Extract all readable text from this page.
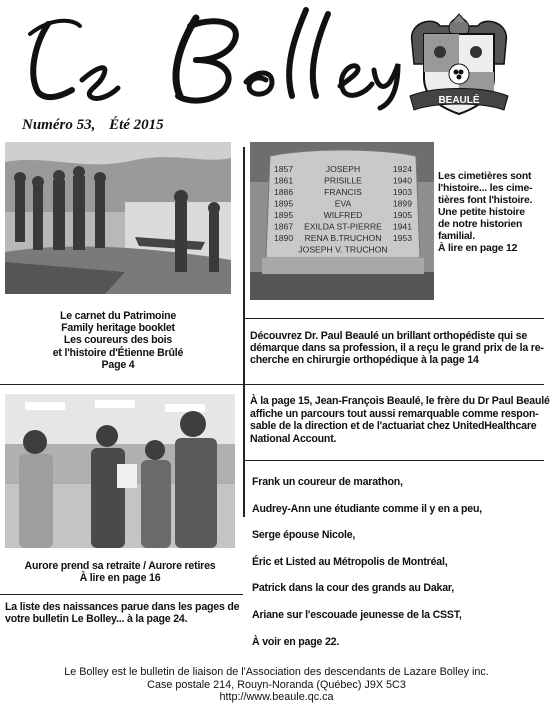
Numéro 53, Été 2015
BEAULÉ
Le carnet du Patrimoine
Family heritage booklet
Les coureurs des bois
et l'histoire d'Étienne Brûlé
Page 4
1857	JOSEPH	1924
1861	PRISILLE	1940
1886	FRANCIS	1903
1895	EVA	1899
1895	WILFRED	1905
1867 EXILDA ST-PIERRE 1941
1890 RENA B.TRUCHON 1953
JOSEPH V. TRUCHON
Les cimetières sont
l'histoire... les cime-
tières font l'histoire.
Une petite histoire
de notre historien
familial.
À lire en page 12
Découvrez Dr. Paul Beaulé un brillant orthopédiste qui se
démarque dans sa profession, il a reçu le grand prix de la re-
cherche en chirurgie orthopédique à la page 14
À la page 15, Jean-François Beaulé, le frère du Dr Paul Beaulé
affiche un parcours tout aussi remarquable comme respon-
sable de la direction et de l'actuariat chez UnitedHealthcare
National Account.
Aurore prend sa retraite / Aurore retires
À lire en page 16
La liste des naissances parue dans les pages de
votre bulletin Le Bolley... à la page 24.
Frank un coureur de marathon,
Audrey-Ann une étudiante comme il y en a peu,
Serge épouse Nicole,
Éric et Listed au Métropolis de Montréal,
Patrick dans la cour des grands au Dakar,
Ariane sur l'escouade jeunesse de la CSST,
À voir en page 22.
Le Bolley est le bulletin de liaison de l'Association des descendants de Lazare Bolley inc.
Case postale 214, Rouyn-Noranda (Québec) J9X 5C3
http://www.beaule.qc.ca
